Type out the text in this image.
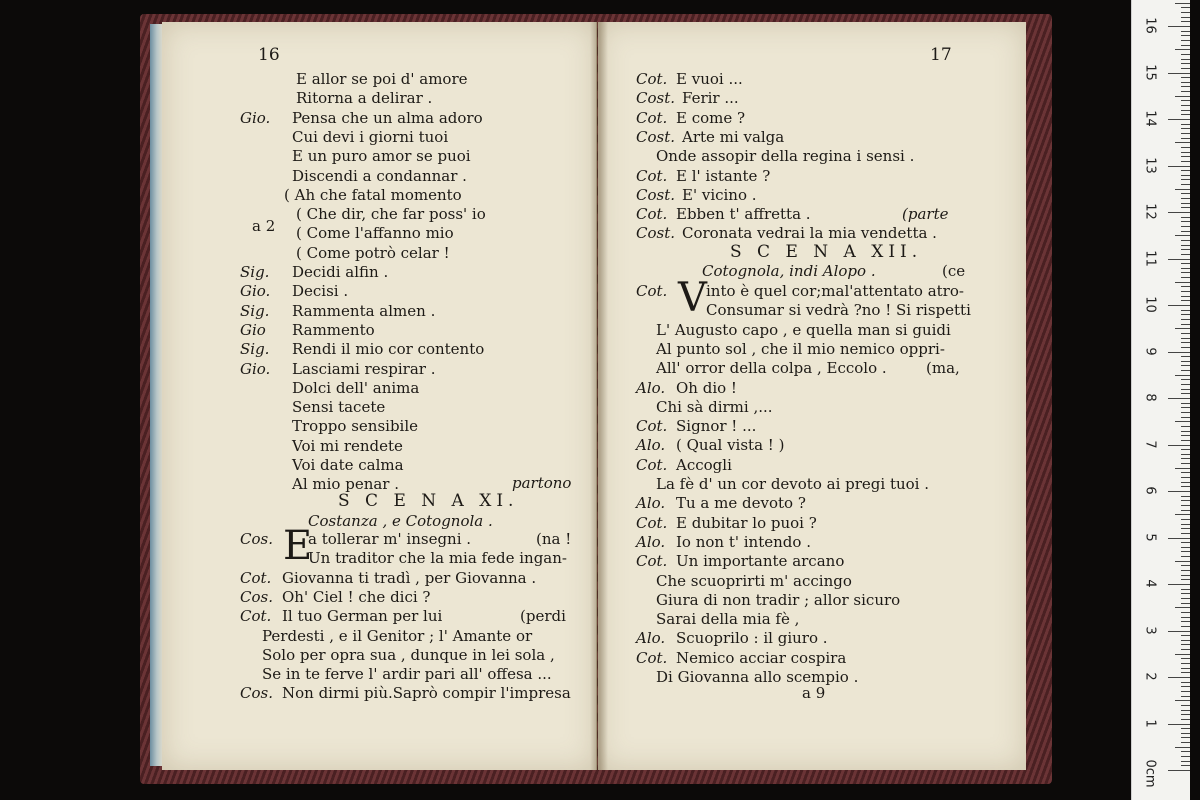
16
a 2
partono
S C E N A XI.
Costanza , e Cotognola .
17
S C E N A XII.
Cotognola, indi Alopo .	(ce
a 9
0cm
1
2
3
4
5
6
7
8
9
10
11
12
13
14
15
16
E allor se poi d' amore
Ritorna a delirar .
Gio. Pensa che un alma adoro
Cui devi i giorni tuoi
E un puro amor se puoi
Discendi a condannar .
( Ah che fatal momento
( Che dir, che far poss' io
( Come l'affanno mio
( Come potrò celar !
Sig. Decidi alfin .
Gio. Decisi .
Sig. Rammenta almen .
Gio Rammento
Sig. Rendi il mio cor contento
Gio. Lasciami respirar .
Dolci dell' anima
Sensi tacete
Troppo sensibile
Voi mi rendete
Voi date calma
Al mio penar .
Cos. E
a tollerar m' insegni .	(na !
Un traditor che la mia fede ingan-
Cot. Giovanna ti tradì , per Giovanna .
Cos. Oh' Ciel ! che dici ?
Cot. Il tuo German per lui	(perdi
Perdesti , e il Genitor ; l' Amante or
Solo per opra sua , dunque in lei sola ,
Se in te ferve l' ardir pari all' offesa ...
Cos. Non dirmi più.Saprò compir l'impresa
Cot. E vuoi ...
Cost. Ferir ...
Cot. E come ?
Cost. Arte mi valga
Onde assopir della regina i sensi .
Cot. E l' istante ?
Cost. E' vicino .
Cot. Ebben t' affretta .	(parte
Cost. Coronata vedrai la mia vendetta .
Cot. V into è quel cor;mal'attentato atro-
Consumar si vedrà ?no ! Si rispetti
L' Augusto capo , e quella man si guidi
Al punto sol , che il mio nemico oppri-
All' orror della colpa , Eccolo .	(ma,
Alo. Oh dio !
Chi sà dirmi ,...
Cot. Signor ! ...
Alo. ( Qual vista ! )
Cot. Accogli
La fè d' un cor devoto ai pregi tuoi .
Alo. Tu a me devoto ?
Cot. E dubitar lo puoi ?
Alo. Io non t' intendo .
Cot. Un importante arcano
Che scuoprirti m' accingo
Giura di non tradir ; allor sicuro
Sarai della mia fè ,
Alo. Scuoprilo : il giuro .
Cot. Nemico acciar cospira
Di Giovanna allo scempio .
